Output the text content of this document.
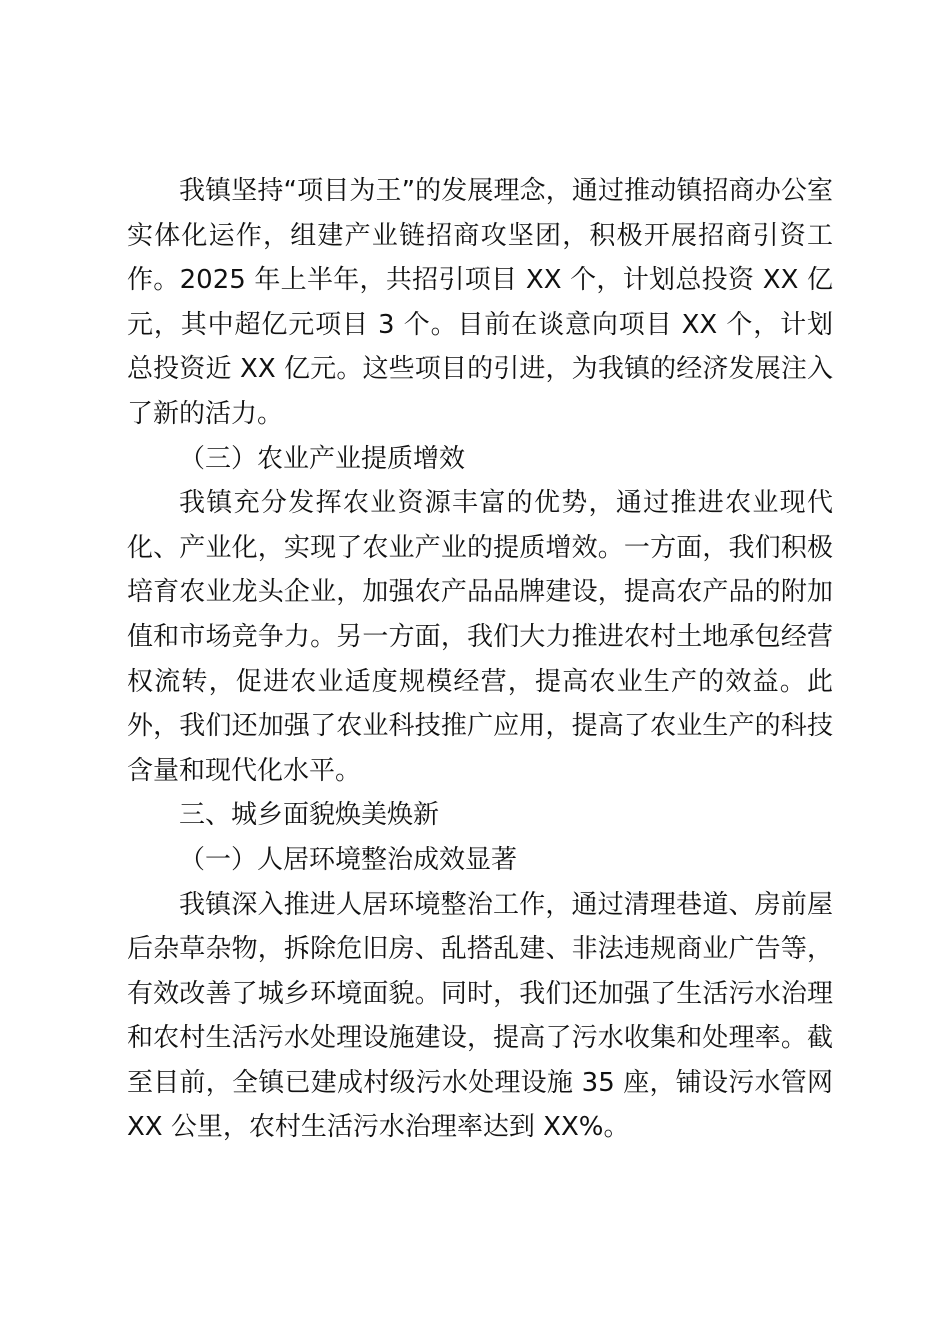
我镇坚持“项目为王”的发展理念，通过推动镇招商办公室实体化运作，组建产业链招商攻坚团，积极开展招商引资工作。2025 年上半年，共招引项目 XX 个，计划总投资 XX 亿元，其中超亿元项目 3 个。目前在谈意向项目 XX 个，计划总投资近 XX 亿元。这些项目的引进，为我镇的经济发展注入了新的活力。

（三）农业产业提质增效

我镇充分发挥农业资源丰富的优势，通过推进农业现代化、产业化，实现了农业产业的提质增效。一方面，我们积极培育农业龙头企业，加强农产品品牌建设，提高农产品的附加值和市场竞争力。另一方面，我们大力推进农村土地承包经营权流转，促进农业适度规模经营，提高农业生产的效益。此外，我们还加强了农业科技推广应用，提高了农业生产的科技含量和现代化水平。

三、城乡面貌焕美焕新

（一）人居环境整治成效显著

我镇深入推进人居环境整治工作，通过清理巷道、房前屋后杂草杂物，拆除危旧房、乱搭乱建、非法违规商业广告等，有效改善了城乡环境面貌。同时，我们还加强了生活污水治理和农村生活污水处理设施建设，提高了污水收集和处理率。截至目前，全镇已建成村级污水处理设施 35 座，铺设污水管网 XX 公里，农村生活污水治理率达到 XX%。
